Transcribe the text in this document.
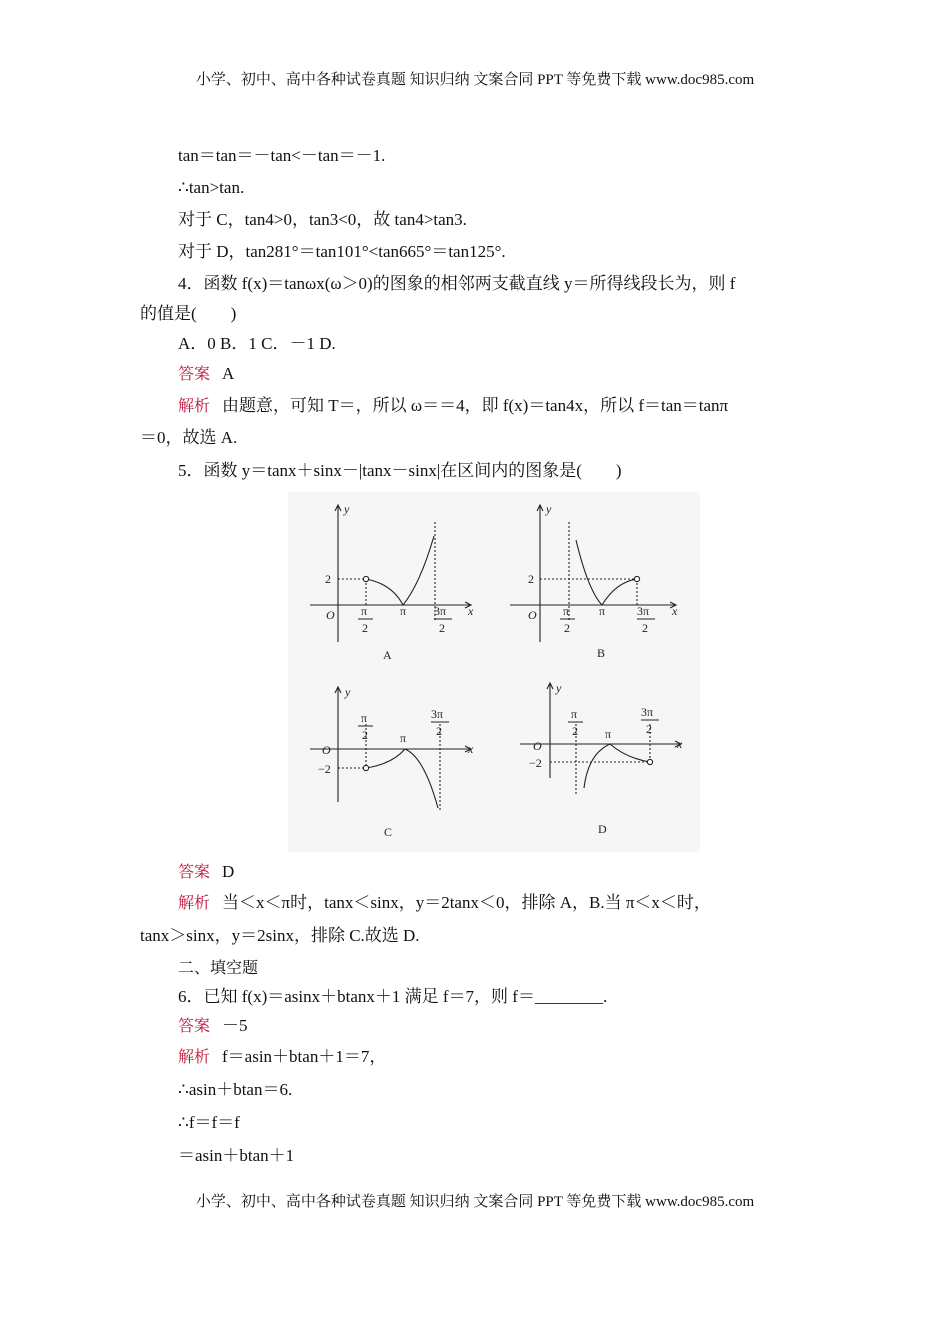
小学、初中、高中各种试卷真题 知识归纳 文案合同 PPT 等免费下载 www.doc985.com
tan＝tan＝－tan<－tan＝－1.
∴tan>tan.
对于 C，tan4>0，tan3<0，故 tan4>tan3.
对于 D，tan281°＝tan101°<tan665°＝tan125°.
4．函数 f(x)＝tanωx(ω＞0)的图象的相邻两支截直线 y＝所得线段长为，则 f
的值是(　　)
A．0 B．1 C．－1 D.
答案 A
解析 由题意，可知 T＝，所以 ω＝＝4，即 f(x)＝tan4x，所以 f＝tan＝tanπ
＝0，故选 A.
5．函数 y＝tanx＋sinx－|tanx－sinx|在区间内的图象是(　　)
y
x
O
2
π
2
π 3π
2
A
y
x
O
2
π
2
π	3π
2
B
y
x
O
−2
π
2	π
3π
2
C
y
x
O
−2
π
2 π
3π
2
D
答案 D
解析 当＜x＜π时，tanx＜sinx，y＝2tanx＜0，排除 A，B.当 π＜x＜时，
tanx＞sinx，y＝2sinx，排除 C.故选 D.
二、填空题
6．已知 f(x)＝asinx＋btanx＋1 满足 f＝7，则 f＝________.
答案 －5
解析 f＝asin＋btan＋1＝7，
∴asin＋btan＝6.
∴f＝f＝f
＝asin＋btan＋1
小学、初中、高中各种试卷真题 知识归纳 文案合同 PPT 等免费下载 www.doc985.com
